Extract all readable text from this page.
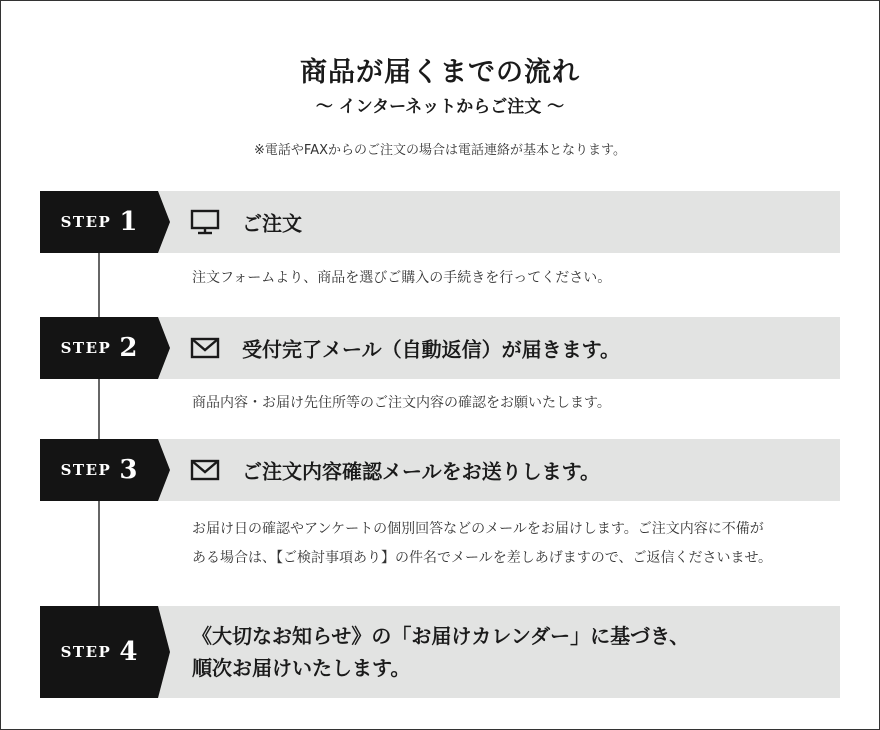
商品が届くまでの流れ
〜 インターネットからご注文 〜
※電話やFAXからのご注文の場合は電話連絡が基本となります。
STEP 1	ご注文
注文フォームより、商品を選びご購入の手続きを行ってください。
STEP 2	受付完了メール（自動返信）が届きます。
商品内容・お届け先住所等のご注文内容の確認をお願いたします。
STEP 3	ご注文内容確認メールをお送りします。
お届け日の確認やアンケートの個別回答などのメールをお届けします。ご注文内容に不備が
ある場合は、【ご検討事項あり】の件名でメールを差しあげますので、ご返信くださいませ。
STEP 4
《大切なお知らせ》の「お届けカレンダー」に基づき、
順次お届けいたします。
